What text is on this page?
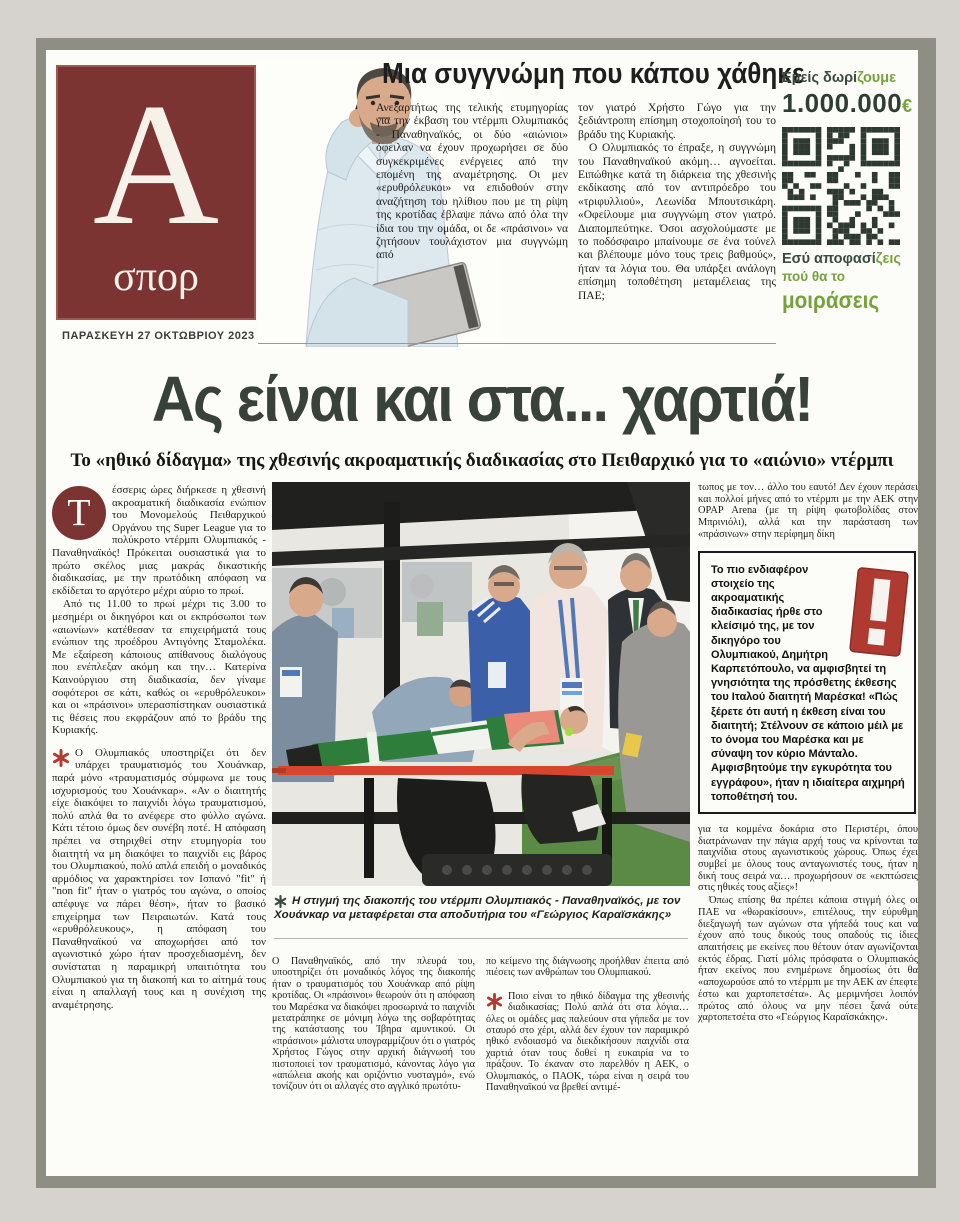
Α
σπορ
ΠΑΡΑΣΚΕΥΗ 27 ΟΚΤΩΒΡΙΟΥ 2023
Μια συγγνώμη που κάπου χάθηκε

Ανεξαρτήτως της τελικής ετυμηγορίας για την έκβαση του ντέρμπι Ολυμπιακός - Παναθηναϊκός, οι δύο «αιώνιοι» όφειλαν να έχουν προχωρήσει σε δύο συγκεκριμένες ενέργειες από την επομένη της αναμέτρησης. Οι μεν «ερυθρόλευκοι» να επιδοθούν στην αναζήτηση του ηλίθιου που με τη ρίψη της κροτίδας έβλαψε πάνω από όλα την ίδια του την ομάδα, οι δε «πράσινοι» να ζητήσουν τουλάχιστον μια συγγνώμη από

τον γιατρό Χρήστο Γώγο για την ξεδιάντροπη επίσημη στοχοποίησή του το βράδυ της Κυριακής.

Ο Ολυμπιακός το έπραξε, η συγγνώμη του Παναθηναϊκού ακόμη… αγνοείται. Ειπώθηκε κατά τη διάρκεια της χθεσινής εκδίκασης από τον αντιπρόεδρο του «τριφυλλιού», Λεωνίδα Μπουτσικάρη. «Οφείλουμε μια συγγνώμη στον γιατρό. Διαπομπεύτηκε. Όσοι ασχολούμαστε με το ποδόσφαιρο μπαίνουμε σε ένα τούνελ και βλέπουμε μόνο τους τρεις βαθμούς», ήταν τα λόγια του. Θα υπάρξει ανάλογη επίσημη τοποθέτηση μεταμέλειας της ΠΑΕ;

Εμείς δωρίζουμε
1.000.000€
Εσύ αποφασίζεις
πού θα το
μοιράσεις
Ας είναι και στα... χαρτιά!
Το «ηθικό δίδαγμα» της χθεσινής ακροαματικής διαδικασίας στο Πειθαρχικό για το «αιώνιο» ντέρμπι

Τ
έσσερις ώρες διήρκεσε η χθεσινή ακροαματική διαδικασία ενώπιον του Μονομελούς Πειθαρχικού Οργάνου της Super League για το πολύκροτο ντέρμπι Ολυμπιακός - Παναθηναϊκός! Πρόκειται ουσιαστικά για το πρώτο σκέλος μιας μακράς δικαστικής διαδικασίας, με την πρωτόδικη απόφαση να εκδίδεται το αργότερο μέχρι αύριο το πρωί.

Από τις 11.00 το πρωί μέχρι τις 3.00 το μεσημέρι οι δικηγόροι και οι εκπρόσωποι των «αιωνίων» κατέθεσαν τα επιχειρήματά τους ενώπιον της προέδρου Αντιγόνης Σταμολέκα. Με εξαίρεση κάποιους απίθανους διαλόγους που ενέπλεξαν ακόμη και την… Κατερίνα Καινούργιου στη διαδικασία, δεν γίναμε σοφότεροι σε κάτι, καθώς οι «ερυθρόλευκοι» και οι «πράσινοι» υπερασπίστηκαν ουσιαστικά τις θέσεις που εκφράζουν από το βράδυ της Κυριακής.

Ο Ολυμπιακός υποστηρίζει ότι δεν υπάρχει τραυματισμός του Χουάνκαρ, παρά μόνο «τραυματισμός σύμφωνα με τους ισχυρισμούς του Χουάνκαρ». «Αν ο διαιτητής είχε διακόψει το παιχνίδι λόγω τραυματισμού, πολύ απλά θα το ανέφερε στο φύλλο αγώνα. Κάτι τέτοιο όμως δεν συνέβη ποτέ. Η απόφαση πρέπει να στηριχθεί στην ετυμηγορία του διαιτητή να μη διακόψει το παιχνίδι εις βάρος του Ολυμπιακού, πολύ απλά επειδή ο μοναδικός αρμόδιος να χαρακτηρίσει τον Ισπανό "fit" ή "non fit" ήταν ο γιατρός του αγώνα, ο οποίος απέφυγε να πάρει θέση», ήταν το βασικό επιχείρημα των Πειραιωτών. Κατά τους «ερυθρόλευκους», η απόφαση του Παναθηναϊκού να αποχωρήσει από τον αγωνιστικό χώρο ήταν προσχεδιασμένη, δεν συνίσταται η παραμικρή υπαιτιότητα του Ολυμπιακού για τη διακοπή και το αίτημά τους είναι η απαλλαγή τους και η συνέχιση της αναμέτρησης.

Η στιγμή της διακοπής του ντέρμπι Ολυμπιακός - Παναθηναϊκός, με τον Χουάνκαρ να μεταφέρεται στα αποδυτήρια του «Γεώργιος Καραϊσκάκης»

Ο Παναθηναϊκός, από την πλευρά του, υποστηρίζει ότι μοναδικός λόγος της διακοπής ήταν ο τραυματισμός του Χουάνκαρ από ρίψη κροτίδας. Οι «πράσινοι» θεωρούν ότι η απόφαση του Μαρέσκα να διακόψει προσωρινά το παιχνίδι μετατράπηκε σε μόνιμη λόγω της σοβαρότητας της κατάστασης του Ίβηρα αμυντικού. Οι «πράσινοι» μάλιστα υπογραμμίζουν ότι ο γιατρός Χρήστος Γώγος στην αρχική διάγνωσή του πιστοποιεί τον τραυματισμό, κάνοντας λόγο για «απώλεια ακοής και οριζόντιο νυσταγμό», ενώ τονίζουν ότι οι αλλαγές στο αγγλικό πρωτότυ-

πο κείμενο της διάγνωσης προήλθαν έπειτα από πιέσεις των ανθρώπων του Ολυμπιακού.

Ποιο είναι το ηθικό δίδαγμα της χθεσινής διαδικασίας; Πολύ απλά ότι στα λόγια… όλες οι ομάδες μας παλεύουν στα γήπεδα με τον σταυρό στο χέρι, αλλά δεν έχουν τον παραμικρό ηθικό ενδοιασμό να διεκδικήσουν παιχνίδι στα χαρτιά όταν τους δοθεί η ευκαιρία να το πράξουν. Το έκαναν στο παρελθόν η ΑΕΚ, ο Ολυμπιακός, ο ΠΑΟΚ, τώρα είναι η σειρά του Παναθηναϊκού να βρεθεί αντιμέ-

τωπος με τον… άλλο του εαυτό! Δεν έχουν περάσει και πολλοί μήνες από το ντέρμπι με την ΑΕΚ στην OPAP Arena (με τη ρίψη φωτοβολίδας στον Μπρινιόλι), αλλά και την παράσταση των «πράσινων» στην περίφημη δίκη

Το πιο ενδιαφέρον στοιχείο της ακροαματικής διαδικασίας ήρθε στο κλείσιμό της, με τον δικηγόρο του Ολυμπιακού, Δημήτρη Καρπετόπουλο, να αμφισβητεί τη γνησιότητα της πρόσθετης έκθεσης του Ιταλού διαιτητή Μαρέσκα! «Πώς ξέρετε ότι αυτή η έκθεση είναι του διαιτητή; Στέλνουν σε κάποιο μέιλ με το όνομα του Μαρέσκα και με σύναψη τον κύριο Μάνταλο. Αμφισβητούμε την εγκυρότητα του εγγράφου», ήταν η ιδιαίτερα αιχμηρή τοποθέτησή του.

για τα κομμένα δοκάρια στο Περιστέρι, όπου διατράνωναν την πάγια αρχή τους να κρίνονται τα παιχνίδια στους αγωνιστικούς χώρους. Όπως έχει συμβεί με όλους τους ανταγωνιστές τους, ήταν η δική τους σειρά να… προχωρήσουν σε «εκπτώσεις στις ηθικές τους αξίες»!

Όπως επίσης θα πρέπει κάποια στιγμή όλες οι ΠΑΕ να «θωρακίσουν», επιτέλους, την εύρυθμη διεξαγωγή των αγώνων στα γήπεδά τους και να έχουν από τους δικούς τους οπαδούς τις ίδιες απαιτήσεις με εκείνες που θέτουν όταν αγωνίζονται εκτός έδρας. Γιατί μόλις πρόσφατα ο Ολυμπιακός ήταν εκείνος που ενημέρωνε δημοσίως ότι θα «αποχωρούσε από το ντέρμπι με την ΑΕΚ αν έπεφτε έστω και χαρτοπετσέτα». Ας μεριμνήσει λοιπόν πρώτος από όλους να μην πέσει ξανά ούτε χαρτοπετσέτα στο «Γεώργιος Καραϊσκάκης».
